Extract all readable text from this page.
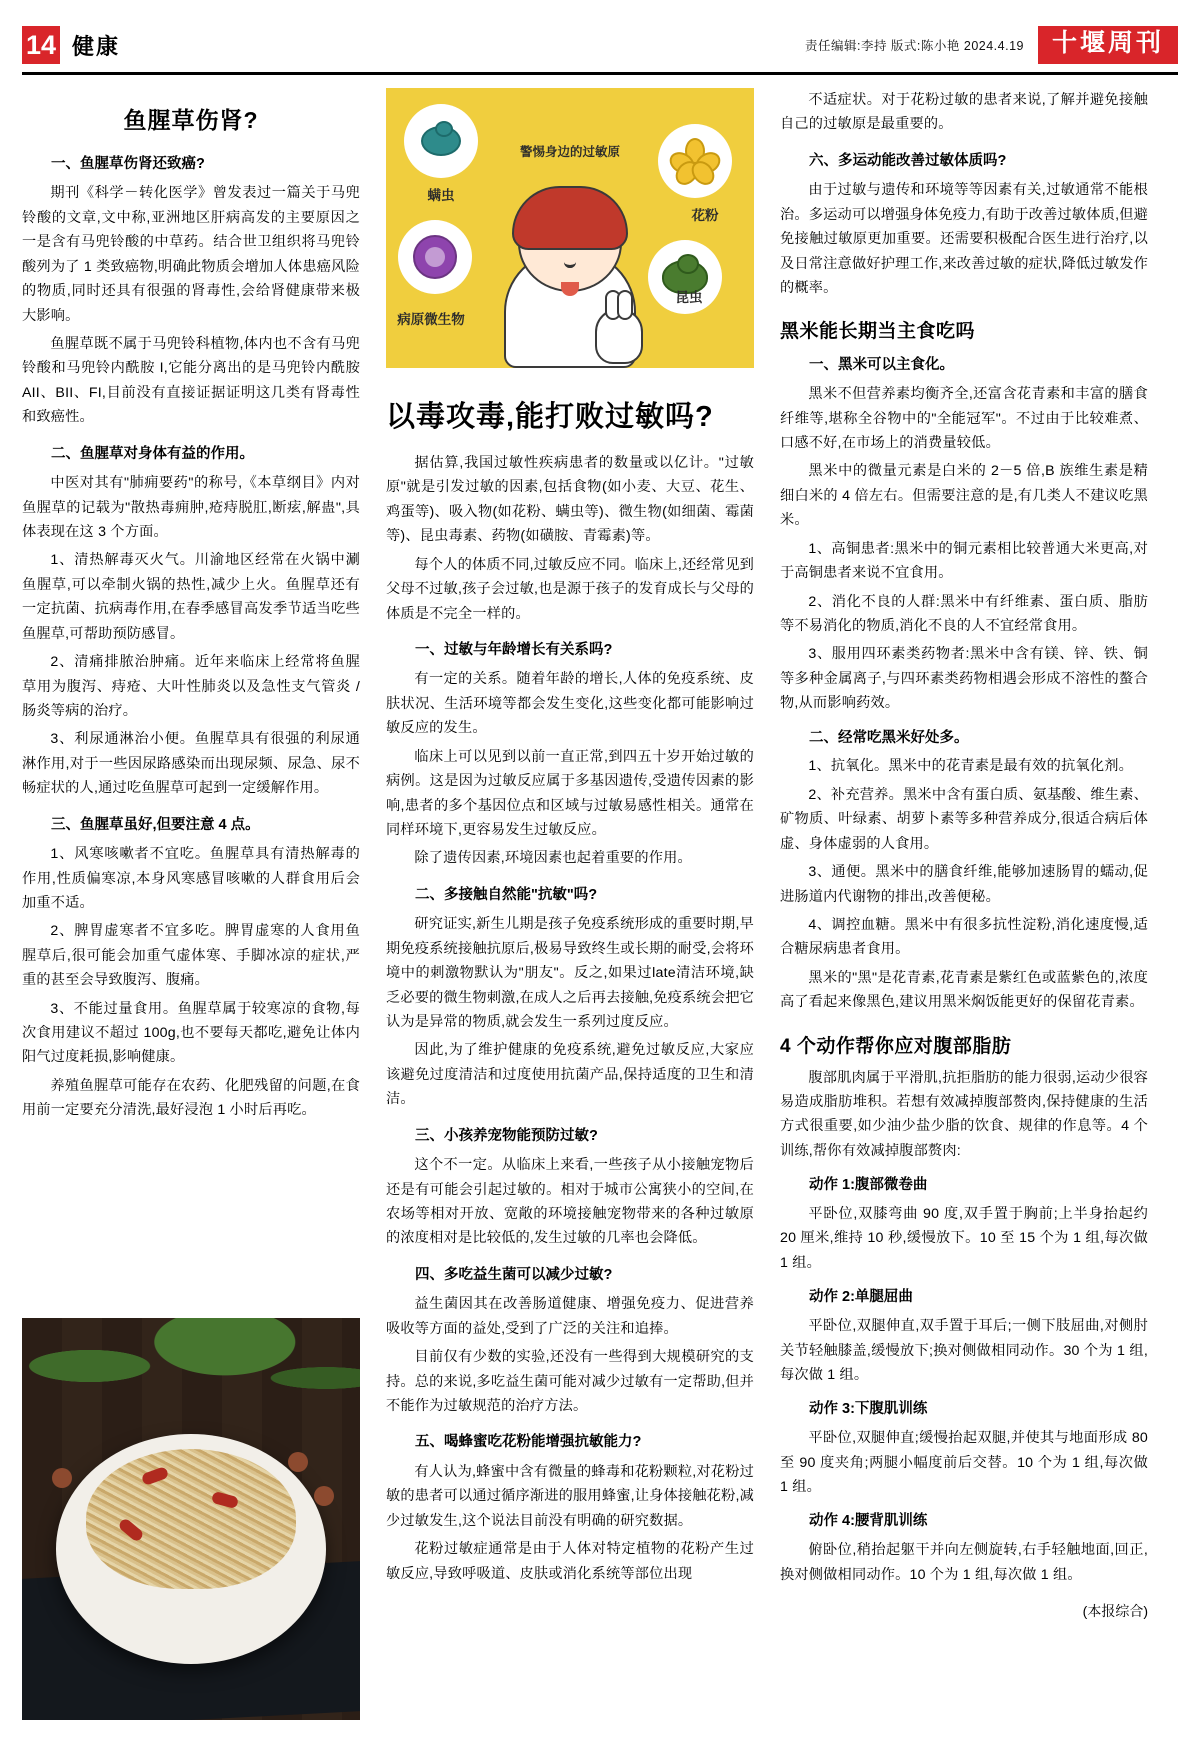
14 健康	责任编辑:李持 版式:陈小艳 2024.4.19	十堰周刊
鱼腥草伤肾?
一、鱼腥草伤肾还致癌?

期刊《科学－转化医学》曾发表过一篇关于马兜铃酸的文章,文中称,亚洲地区肝病高发的主要原因之一是含有马兜铃酸的中草药。结合世卫组织将马兜铃酸列为了 1 类致癌物,明确此物质会增加人体患癌风险的物质,同时还具有很强的肾毒性,会给肾健康带来极大影响。

鱼腥草既不属于马兜铃科植物,体内也不含有马兜铃酸和马兜铃内酰胺 I,它能分离出的是马兜铃内酰胺 AII、BII、FI,目前没有直接证据证明这几类有肾毒性和致癌性。

二、鱼腥草对身体有益的作用。

中医对其有"肺痈要药"的称号,《本草纲目》内对鱼腥草的记载为"散热毒痈肿,疮痔脱肛,断痃,解蛊",具体表现在这 3 个方面。

1、清热解毒灭火气。川渝地区经常在火锅中涮鱼腥草,可以牵制火锅的热性,减少上火。鱼腥草还有一定抗菌、抗病毒作用,在春季感冒高发季节适当吃些鱼腥草,可帮助预防感冒。

2、清痛排脓治肿痛。近年来临床上经常将鱼腥草用为腹泻、痔疮、大叶性肺炎以及急性支气管炎 / 肠炎等病的治疗。

3、利尿通淋治小便。鱼腥草具有很强的利尿通淋作用,对于一些因尿路感染而出现尿频、尿急、尿不畅症状的人,通过吃鱼腥草可起到一定缓解作用。

三、鱼腥草虽好,但要注意 4 点。

1、风寒咳嗽者不宜吃。鱼腥草具有清热解毒的作用,性质偏寒凉,本身风寒感冒咳嗽的人群食用后会加重不适。

2、脾胃虚寒者不宜多吃。脾胃虚寒的人食用鱼腥草后,很可能会加重气虚体寒、手脚冰凉的症状,严重的甚至会导致腹泻、腹痛。

3、不能过量食用。鱼腥草属于较寒凉的食物,每次食用建议不超过 100g,也不要每天都吃,避免让体内阳气过度耗损,影响健康。

养殖鱼腥草可能存在农药、化肥残留的问题,在食用前一定要充分清洗,最好浸泡 1 小时后再吃。

警惕身边的过敏原
螨虫
花粉
病原微生物
昆虫
以毒攻毒,能打败过敏吗?

据估算,我国过敏性疾病患者的数量或以亿计。"过敏原"就是引发过敏的因素,包括食物(如小麦、大豆、花生、鸡蛋等)、吸入物(如花粉、螨虫等)、微生物(如细菌、霉菌等)、昆虫毒素、药物(如磺胺、青霉素)等。

每个人的体质不同,过敏反应不同。临床上,还经常见到父母不过敏,孩子会过敏,也是源于孩子的发育成长与父母的体质是不完全一样的。

一、过敏与年龄增长有关系吗?

有一定的关系。随着年龄的增长,人体的免疫系统、皮肤状况、生活环境等都会发生变化,这些变化都可能影响过敏反应的发生。

临床上可以见到以前一直正常,到四五十岁开始过敏的病例。这是因为过敏反应属于多基因遗传,受遗传因素的影响,患者的多个基因位点和区域与过敏易感性相关。通常在同样环境下,更容易发生过敏反应。

除了遗传因素,环境因素也起着重要的作用。

二、多接触自然能"抗敏"吗?

研究证实,新生儿期是孩子免疫系统形成的重要时期,早期免疫系统接触抗原后,极易导致终生或长期的耐受,会将环境中的刺激物默认为"朋友"。反之,如果过late清洁环境,缺乏必要的微生物刺激,在成人之后再去接触,免疫系统会把它认为是异常的物质,就会发生一系列过度反应。

因此,为了维护健康的免疫系统,避免过敏反应,大家应该避免过度清洁和过度使用抗菌产品,保持适度的卫生和清洁。

三、小孩养宠物能预防过敏?

这个不一定。从临床上来看,一些孩子从小接触宠物后还是有可能会引起过敏的。相对于城市公寓狭小的空间,在农场等相对开放、宽敞的环境接触宠物带来的各种过敏原的浓度相对是比较低的,发生过敏的几率也会降低。

四、多吃益生菌可以减少过敏?

益生菌因其在改善肠道健康、增强免疫力、促进营养吸收等方面的益处,受到了广泛的关注和追捧。

目前仅有少数的实验,还没有一些得到大规模研究的支持。总的来说,多吃益生菌可能对减少过敏有一定帮助,但并不能作为过敏规范的治疗方法。

五、喝蜂蜜吃花粉能增强抗敏能力?

有人认为,蜂蜜中含有微量的蜂毒和花粉颗粒,对花粉过敏的患者可以通过循序渐进的服用蜂蜜,让身体接触花粉,减少过敏发生,这个说法目前没有明确的研究数据。

花粉过敏症通常是由于人体对特定植物的花粉产生过敏反应,导致呼吸道、皮肤或消化系统等部位出现

不适症状。对于花粉过敏的患者来说,了解并避免接触自己的过敏原是最重要的。

六、多运动能改善过敏体质吗?

由于过敏与遗传和环境等等因素有关,过敏通常不能根治。多运动可以增强身体免疫力,有助于改善过敏体质,但避免接触过敏原更加重要。还需要积极配合医生进行治疗,以及日常注意做好护理工作,来改善过敏的症状,降低过敏发作的概率。

黑米能长期当主食吃吗
一、黑米可以主食化。

黑米不但营养素均衡齐全,还富含花青素和丰富的膳食纤维等,堪称全谷物中的"全能冠军"。不过由于比较难煮、口感不好,在市场上的消费量较低。

黑米中的微量元素是白米的 2－5 倍,B 族维生素是精细白米的 4 倍左右。但需要注意的是,有几类人不建议吃黑米。

1、高铜患者:黑米中的铜元素相比较普通大米更高,对于高铜患者来说不宜食用。

2、消化不良的人群:黑米中有纤维素、蛋白质、脂肪等不易消化的物质,消化不良的人不宜经常食用。

3、服用四环素类药物者:黑米中含有镁、锌、铁、铜等多种金属离子,与四环素类药物相遇会形成不溶性的螯合物,从而影响药效。

二、经常吃黑米好处多。

1、抗氧化。黑米中的花青素是最有效的抗氧化剂。

2、补充营养。黑米中含有蛋白质、氨基酸、维生素、矿物质、叶绿素、胡萝卜素等多种营养成分,很适合病后体虚、身体虚弱的人食用。

3、通便。黑米中的膳食纤维,能够加速肠胃的蠕动,促进肠道内代谢物的排出,改善便秘。

4、调控血糖。黑米中有很多抗性淀粉,消化速度慢,适合糖尿病患者食用。

黑米的"黑"是花青素,花青素是紫红色或蓝紫色的,浓度高了看起来像黑色,建议用黑米焖饭能更好的保留花青素。

4 个动作帮你应对腹部脂肪

腹部肌肉属于平滑肌,抗拒脂肪的能力很弱,运动少很容易造成脂肪堆积。若想有效减掉腹部赘肉,保持健康的生活方式很重要,如少油少盐少脂的饮食、规律的作息等。4 个训练,帮你有效减掉腹部赘肉:

动作 1:腹部微卷曲

平卧位,双膝弯曲 90 度,双手置于胸前;上半身抬起约 20 厘米,维持 10 秒,缓慢放下。10 至 15 个为 1 组,每次做 1 组。

动作 2:单腿屈曲

平卧位,双腿伸直,双手置于耳后;一侧下肢屈曲,对侧肘关节轻触膝盖,缓慢放下;换对侧做相同动作。30 个为 1 组,每次做 1 组。

动作 3:下腹肌训练

平卧位,双腿伸直;缓慢抬起双腿,并使其与地面形成 80 至 90 度夹角;两腿小幅度前后交替。10 个为 1 组,每次做 1 组。

动作 4:腰背肌训练

俯卧位,稍抬起躯干并向左侧旋转,右手轻触地面,回正,换对侧做相同动作。10 个为 1 组,每次做 1 组。

(本报综合)
